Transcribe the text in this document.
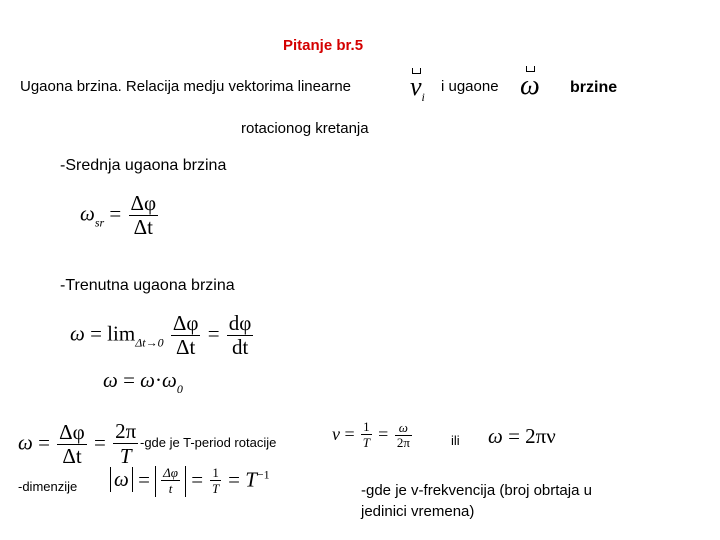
Pitanje br.5
Ugaona brzina. Relacija medju vektorima linearne $v_i$
i ugaone ω brzine
rotacionog kretanja
-Srednja ugaona brzina
$\omega_{sr} = \frac{\Delta\varphi}{\Delta t}$
-Trenutna ugaona brzina
$\omega = \lim_{\Delta t\to 0} \frac{\Delta\varphi}{\Delta t} = \frac{d\varphi}{dt}$
$\omega = \omega\cdot\omega_0$
$\omega = \frac{\Delta\varphi}{\Delta t} = \frac{2\pi}{T} -gde$ je T-period rotacije	$\nu = \frac{1}{T} = \frac{\omega}{2\pi}$	ili ω = 2πν
-dimenzije $\omega = \frac{\Delta\varphi}{t} = \frac{1}{T} = T^{-1}$
-gde je v-frekvencija (broj obrtaja u
jedinici vremena)
